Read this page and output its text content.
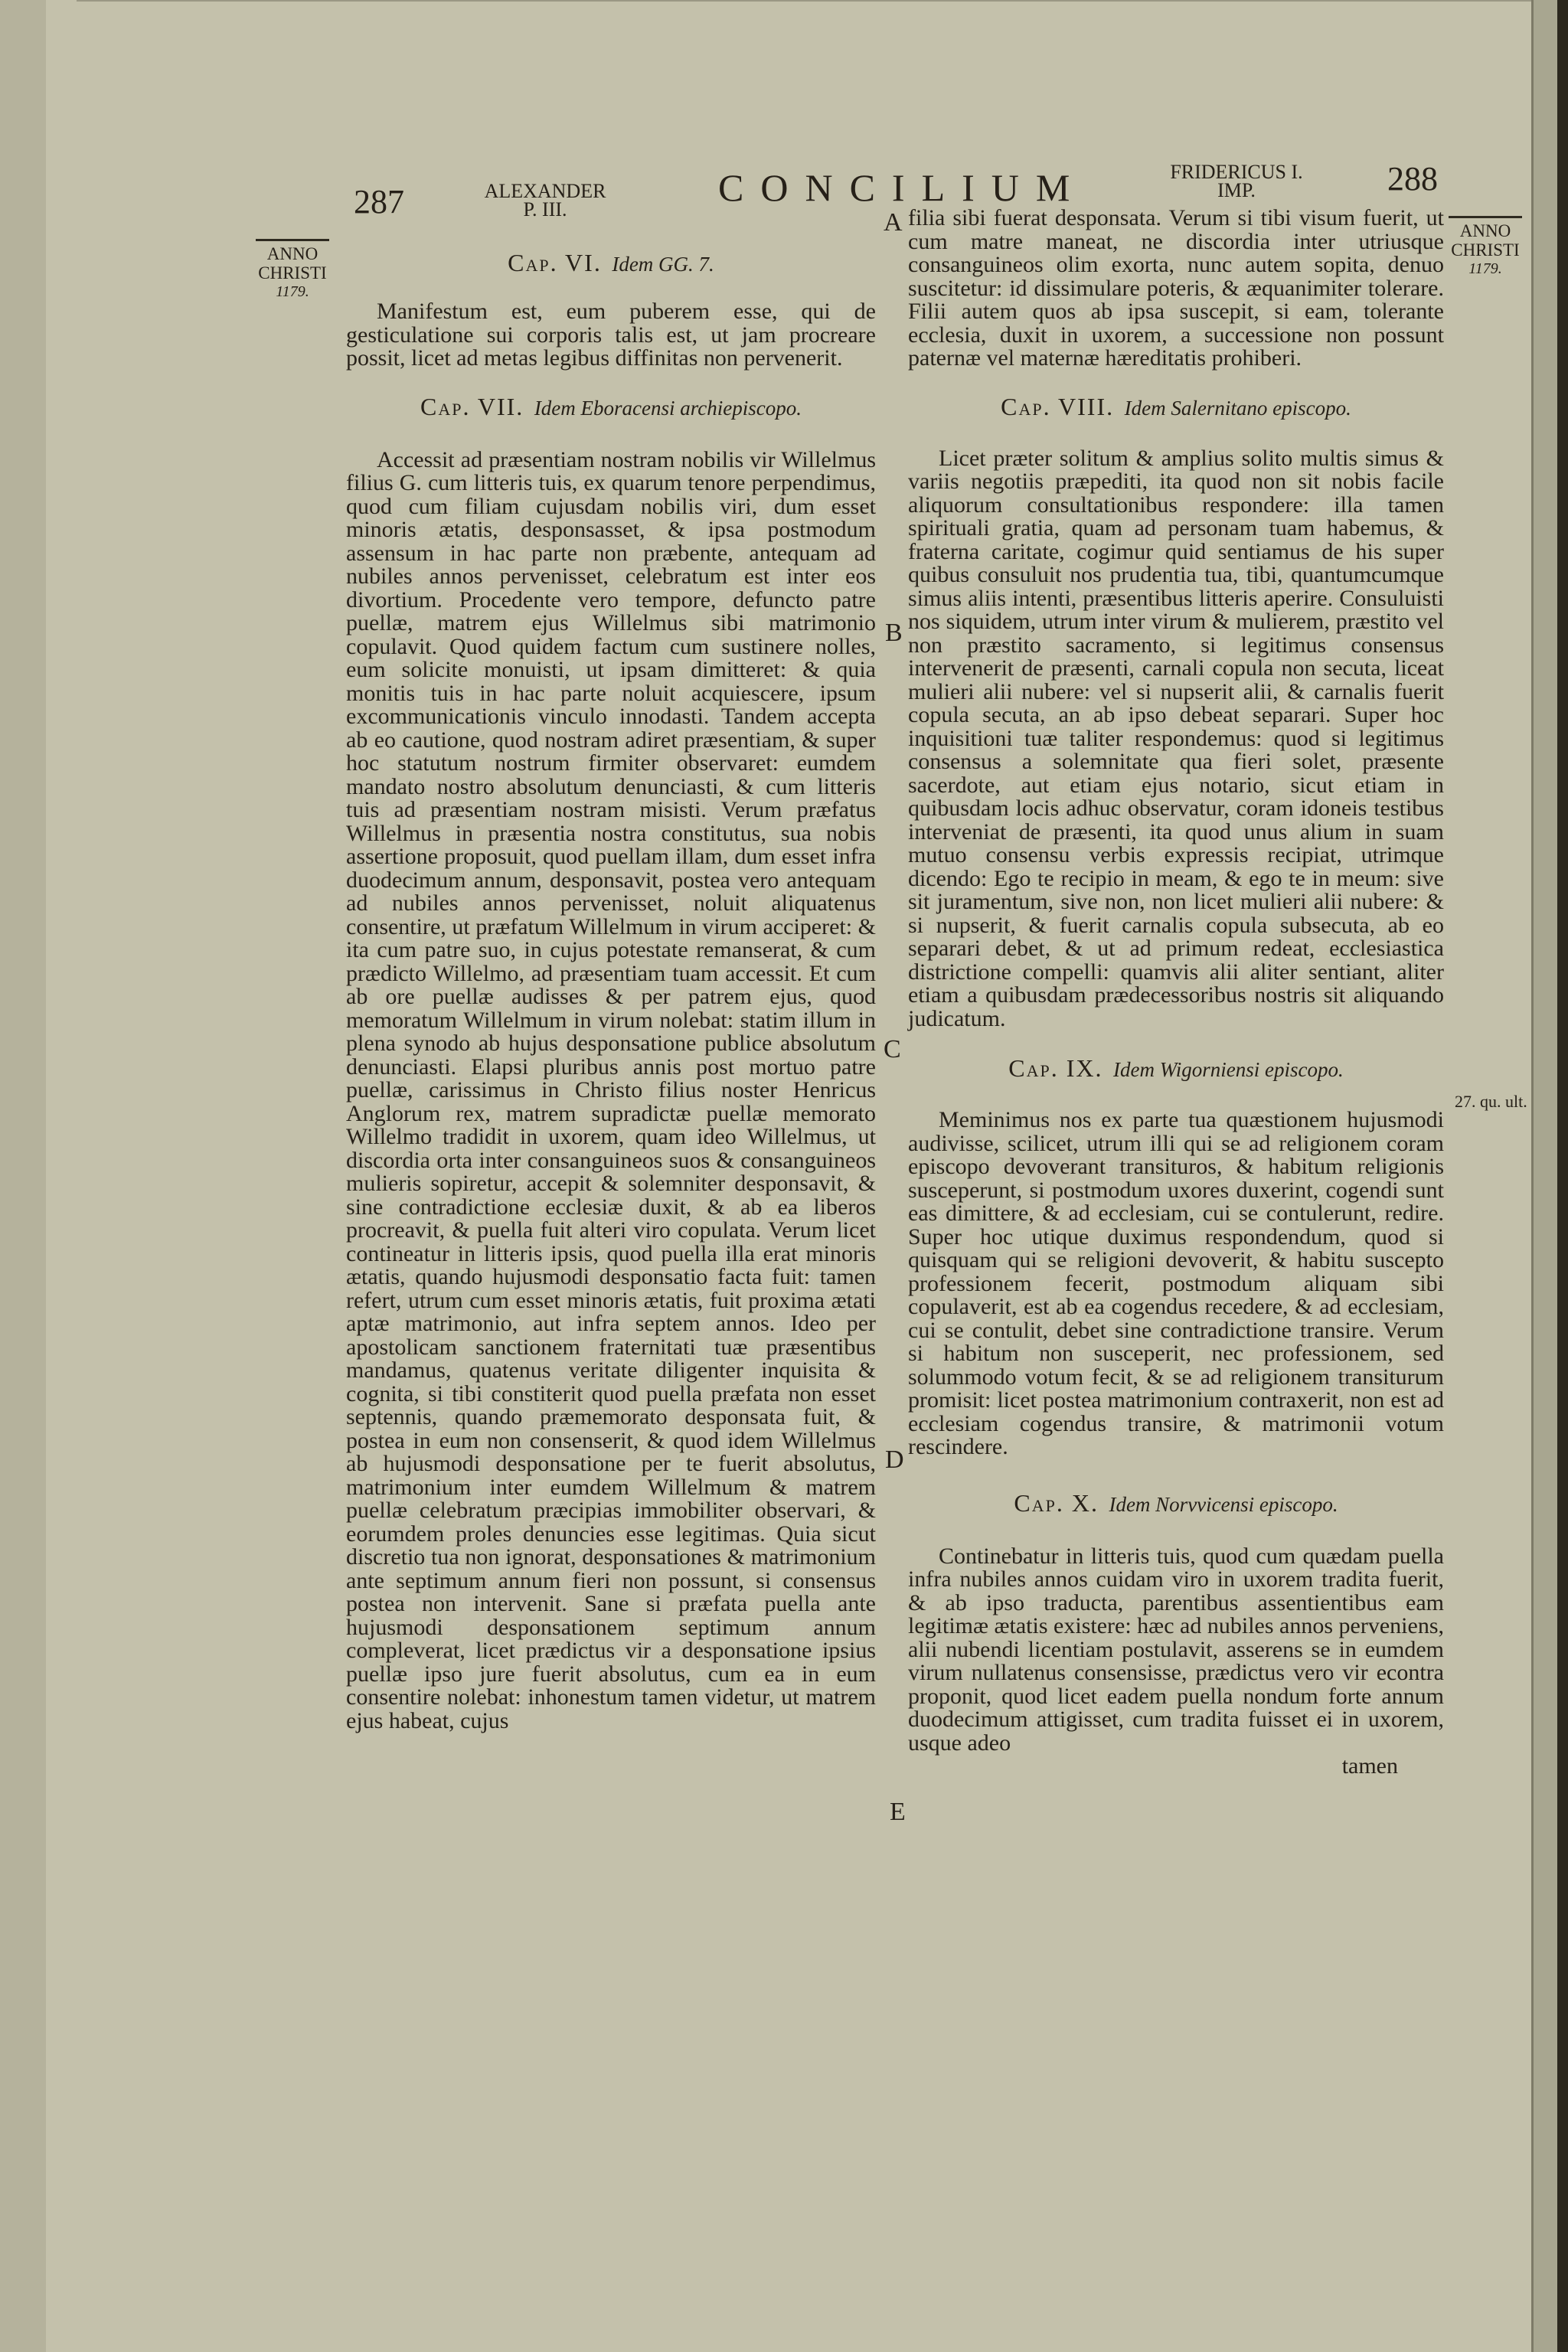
287	ALEXANDER
P. III.
CONCILIUM	FRIDERICUS I.
IMP.	288
ANNO
CHRISTI
1179.
ANNO
CHRISTI
1179.
A
B
C
D
E
27. qu. ult.
Cap. VI. Idem GG. 7.

Manifestum est, eum puberem esse, qui de gesticulatione sui corporis talis est, ut jam procreare possit, licet ad metas legibus diffinitas non pervenerit.

Cap. VII. Idem Eboracensi archiepiscopo.

Accessit ad præsentiam nostram nobilis vir Willelmus filius G. cum litteris tuis, ex quarum tenore perpendimus, quod cum filiam cujusdam nobilis viri, dum esset minoris ætatis, desponsasset, & ipsa postmodum assensum in hac parte non præbente, antequam ad nubiles annos pervenisset, celebratum est inter eos divortium. Procedente vero tempore, defuncto patre puellæ, matrem ejus Willelmus sibi matrimonio copulavit. Quod quidem factum cum sustinere nolles, eum solicite monuisti, ut ipsam dimitteret: & quia monitis tuis in hac parte noluit acquiescere, ipsum excommunicationis vinculo innodasti. Tandem accepta ab eo cautione, quod nostram adiret præsentiam, & super hoc statutum nostrum firmiter observaret: eumdem mandato nostro absolutum denunciasti, & cum litteris tuis ad præsentiam nostram misisti. Verum præfatus Willelmus in præsentia nostra constitutus, sua nobis assertione proposuit, quod puellam illam, dum esset infra duodecimum annum, desponsavit, postea vero antequam ad nubiles annos pervenisset, noluit aliquatenus consentire, ut præfatum Willelmum in virum acciperet: & ita cum patre suo, in cujus potestate remanserat, & cum prædicto Willelmo, ad præsentiam tuam accessit. Et cum ab ore puellæ audisses & per patrem ejus, quod memoratum Willelmum in virum nolebat: statim illum in plena synodo ab hujus desponsatione publice absolutum denunciasti. Elapsi pluribus annis post mortuo patre puellæ, carissimus in Christo filius noster Henricus Anglorum rex, matrem supradictæ puellæ memorato Willelmo tradidit in uxorem, quam ideo Willelmus, ut discordia orta inter consanguineos suos & consanguineos mulieris sopiretur, accepit & solemniter desponsavit, & sine contradictione ecclesiæ duxit, & ab ea liberos procreavit, & puella fuit alteri viro copulata. Verum licet contineatur in litteris ipsis, quod puella illa erat minoris ætatis, quando hujusmodi desponsatio facta fuit: tamen refert, utrum cum esset minoris ætatis, fuit proxima ætati aptæ matrimonio, aut infra septem annos. Ideo per apostolicam sanctionem fraternitati tuæ præsentibus mandamus, quatenus veritate diligenter inquisita & cognita, si tibi constiterit quod puella præfata non esset septennis, quando præmemorato desponsata fuit, & postea in eum non consenserit, & quod idem Willelmus ab hujusmodi desponsatione per te fuerit absolutus, matrimonium inter eumdem Willelmum & matrem puellæ celebratum præcipias immobiliter observari, & eorumdem proles denuncies esse legitimas. Quia sicut discretio tua non ignorat, desponsationes & matrimonium ante septimum annum fieri non possunt, si consensus postea non intervenit. Sane si præfata puella ante hujusmodi desponsationem septimum annum compleverat, licet prædictus vir a desponsatione ipsius puellæ ipso jure fuerit absolutus, cum ea in eum consentire nolebat: inhonestum tamen videtur, ut matrem ejus habeat, cujus

filia sibi fuerat desponsata. Verum si tibi visum fuerit, ut cum matre maneat, ne discordia inter utriusque consanguineos olim exorta, nunc autem sopita, denuo suscitetur: id dissimulare poteris, & æquanimiter tolerare. Filii autem quos ab ipsa suscepit, si eam, tolerante ecclesia, duxit in uxorem, a successione non possunt paternæ vel maternæ hæreditatis prohiberi.

Cap. VIII. Idem Salernitano episcopo.

Licet præter solitum & amplius solito multis simus & variis negotiis præpediti, ita quod non sit nobis facile aliquorum consultationibus respondere: illa tamen spirituali gratia, quam ad personam tuam habemus, & fraterna caritate, cogimur quid sentiamus de his super quibus consuluit nos prudentia tua, tibi, quantumcumque simus aliis intenti, præsentibus litteris aperire. Consuluisti nos siquidem, utrum inter virum & mulierem, præstito vel non præstito sacramento, si legitimus consensus intervenerit de præsenti, carnali copula non secuta, liceat mulieri alii nubere: vel si nupserit alii, & carnalis fuerit copula secuta, an ab ipso debeat separari. Super hoc inquisitioni tuæ taliter respondemus: quod si legitimus consensus a solemnitate qua fieri solet, præsente sacerdote, aut etiam ejus notario, sicut etiam in quibusdam locis adhuc observatur, coram idoneis testibus interveniat de præsenti, ita quod unus alium in suam mutuo consensu verbis expressis recipiat, utrimque dicendo: Ego te recipio in meam, & ego te in meum: sive sit juramentum, sive non, non licet mulieri alii nubere: & si nupserit, & fuerit carnalis copula subsecuta, ab eo separari debet, & ut ad primum redeat, ecclesiastica districtione compelli: quamvis alii aliter sentiant, aliter etiam a quibusdam prædecessoribus nostris sit aliquando judicatum.

Cap. IX. Idem Wigorniensi episcopo.

Meminimus nos ex parte tua quæstionem hujusmodi audivisse, scilicet, utrum illi qui se ad religionem coram episcopo devoverant transituros, & habitum religionis susceperunt, si postmodum uxores duxerint, cogendi sunt eas dimittere, & ad ecclesiam, cui se contulerunt, redire. Super hoc utique duximus respondendum, quod si quisquam qui se religioni devoverit, & habitu suscepto professionem fecerit, postmodum aliquam sibi copulaverit, est ab ea cogendus recedere, & ad ecclesiam, cui se contulit, debet sine contradictione transire. Verum si habitum non susceperit, nec professionem, sed solummodo votum fecit, & se ad religionem transiturum promisit: licet postea matrimonium contraxerit, non est ad ecclesiam cogendus transire, & matrimonii votum rescindere.

Cap. X. Idem Norvvicensi episcopo.

Continebatur in litteris tuis, quod cum quædam puella infra nubiles annos cuidam viro in uxorem tradita fuerit, & ab ipso traducta, parentibus assentientibus eam legitimæ ætatis existere: hæc ad nubiles annos perveniens, alii nubendi licentiam postulavit, asserens se in eumdem virum nullatenus consensisse, prædictus vero vir econtra proponit, quod licet eadem puella nondum forte annum duodecimum attigisset, cum tradita fuisset ei in uxorem, usque adeo

tamen
